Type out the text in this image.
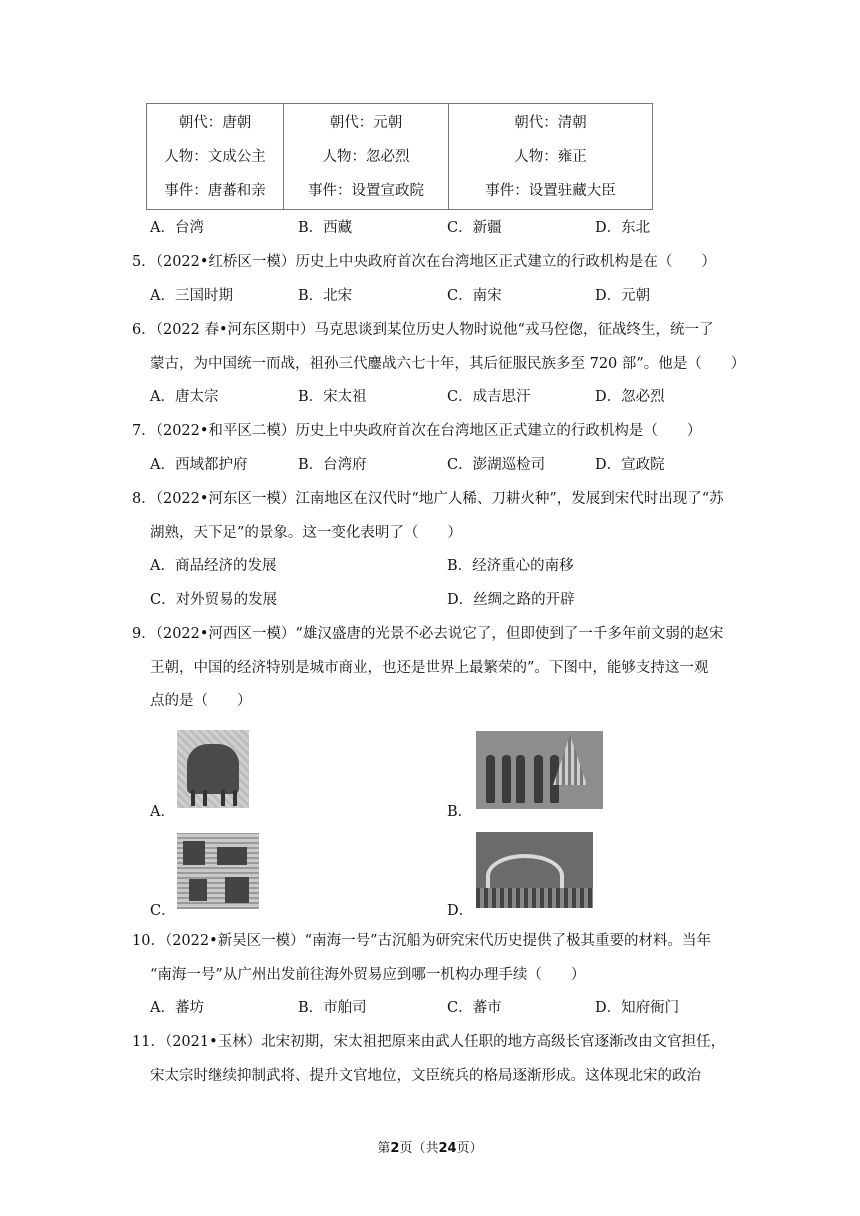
朝代：唐朝
人物：文成公主
事件：唐蕃和亲

朝代：元朝
人物：忽必烈
事件：设置宣政院

朝代：清朝
人物：雍正
事件：设置驻藏大臣
A．台湾	B．西藏	C．新疆	D．东北
5．（2022•红桥区一模）历史上中央政府首次在台湾地区正式建立的行政机构是在（　　）
A．三国时期	B．北宋	C．南宋	D．元朝
6．（2022 春•河东区期中）马克思谈到某位历史人物时说他“戎马倥偬，征战终生，统一了
蒙古，为中国统一而战，祖孙三代鏖战六七十年，其后征服民族多至 720 部”。他是（　　）
A．唐太宗	B．宋太祖	C．成吉思汗	D．忽必烈
7．（2022•和平区二模）历史上中央政府首次在台湾地区正式建立的行政机构是（　　）
A．西域都护府	B．台湾府	C．澎湖巡检司	D．宣政院
8．（2022•河东区一模）江南地区在汉代时“地广人稀、刀耕火种”，发展到宋代时出现了“苏
湖熟，天下足”的景象。这一变化表明了（　　）
A．商品经济的发展	B．经济重心的南移
C．对外贸易的发展	D．丝绸之路的开辟
9．（2022•河西区一模）“雄汉盛唐的光景不必去说它了，但即使到了一千多年前文弱的赵宋
王朝，中国的经济特别是城市商业，也还是世界上最繁荣的”。下图中，能够支持这一观
点的是（　　）
A．	B．
C．	D．
10．（2022•新吴区一模）“南海一号”古沉船为研究宋代历史提供了极其重要的材料。当年
“南海一号”从广州出发前往海外贸易应到哪一机构办理手续（　　）
A．蕃坊	B．市舶司	C．蕃市	D．知府衙门
11．（2021•玉林）北宋初期，宋太祖把原来由武人任职的地方高级长官逐渐改由文官担任，
宋太宗时继续抑制武将、提升文官地位，文臣统兵的格局逐渐形成。这体现北宋的政治
第2页（共24页）
